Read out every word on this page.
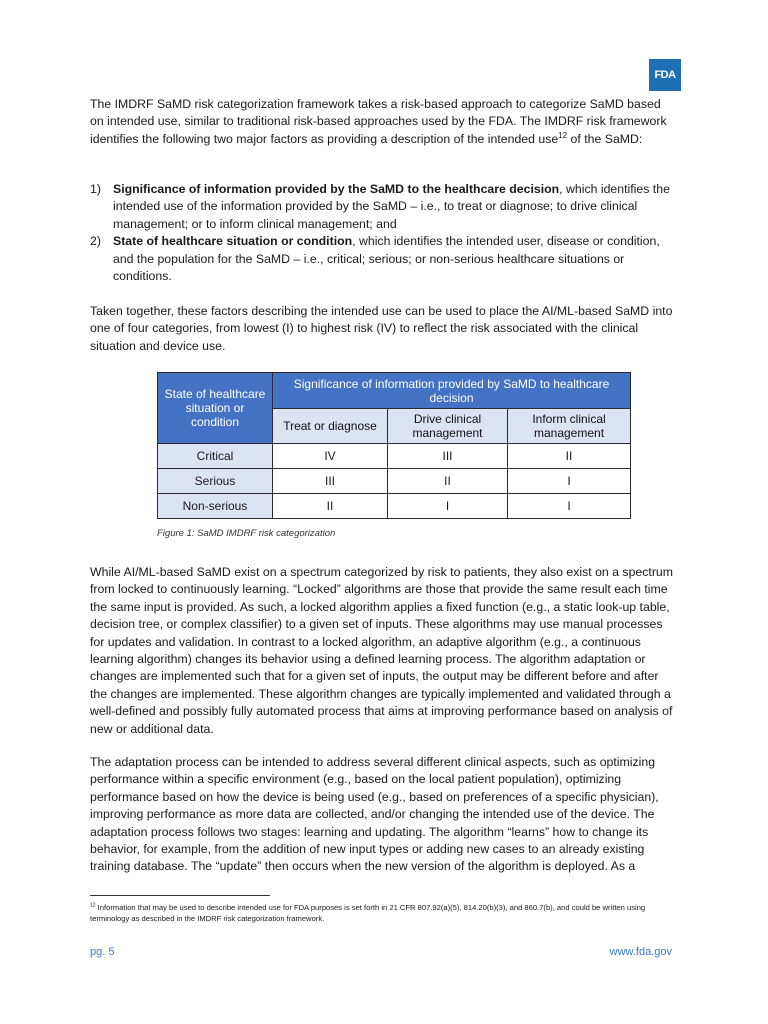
FDA

The IMDRF SaMD risk categorization framework takes a risk-based approach to categorize SaMD based on intended use, similar to traditional risk-based approaches used by the FDA. The IMDRF risk framework identifies the following two major factors as providing a description of the intended use$^{12}$ of the SaMD:

1) Significance of information provided by the SaMD to the healthcare decision, which identifies the intended use of the information provided by the SaMD – i.e., to treat or diagnose; to drive clinical management; or to inform clinical management; and
2) State of healthcare situation or condition, which identifies the intended user, disease or condition, and the population for the SaMD – i.e., critical; serious; or non-serious healthcare situations or conditions.

Taken together, these factors describing the intended use can be used to place the AI/ML-based SaMD into one of four categories, from lowest (I) to highest risk (IV) to reflect the risk associated with the clinical situation and device use.

State of healthcare situation or condition	Significance of information provided by SaMD to healthcare decision		
	Treat or diagnose	Drive clinical management	Inform clinical management
Critical	IV	III	II
Serious	III	II	I
Non-serious	II	I	I
Figure 1: SaMD IMDRF risk categorization

While AI/ML-based SaMD exist on a spectrum categorized by risk to patients, they also exist on a spectrum from locked to continuously learning. “Locked” algorithms are those that provide the same result each time the same input is provided. As such, a locked algorithm applies a fixed function (e.g., a static look-up table, decision tree, or complex classifier) to a given set of inputs. These algorithms may use manual processes for updates and validation. In contrast to a locked algorithm, an adaptive algorithm (e.g., a continuous learning algorithm) changes its behavior using a defined learning process. The algorithm adaptation or changes are implemented such that for a given set of inputs, the output may be different before and after the changes are implemented. These algorithm changes are typically implemented and validated through a well-defined and possibly fully automated process that aims at improving performance based on analysis of new or additional data.

The adaptation process can be intended to address several different clinical aspects, such as optimizing performance within a specific environment (e.g., based on the local patient population), optimizing performance based on how the device is being used (e.g., based on preferences of a specific physician), improving performance as more data are collected, and/or changing the intended use of the device. The adaptation process follows two stages: learning and updating. The algorithm “learns” how to change its behavior, for example, from the addition of new input types or adding new cases to an already existing training database. The “update” then occurs when the new version of the algorithm is deployed. As a

$^{12}$ Information that may be used to describe intended use for FDA purposes is set forth in 21 CFR 807.92(a)(5), 814.20(b)(3), and 860.7(b), and could be written using terminology as described in the IMDRF risk categorization framework.
pg. 5	www.fda.gov
